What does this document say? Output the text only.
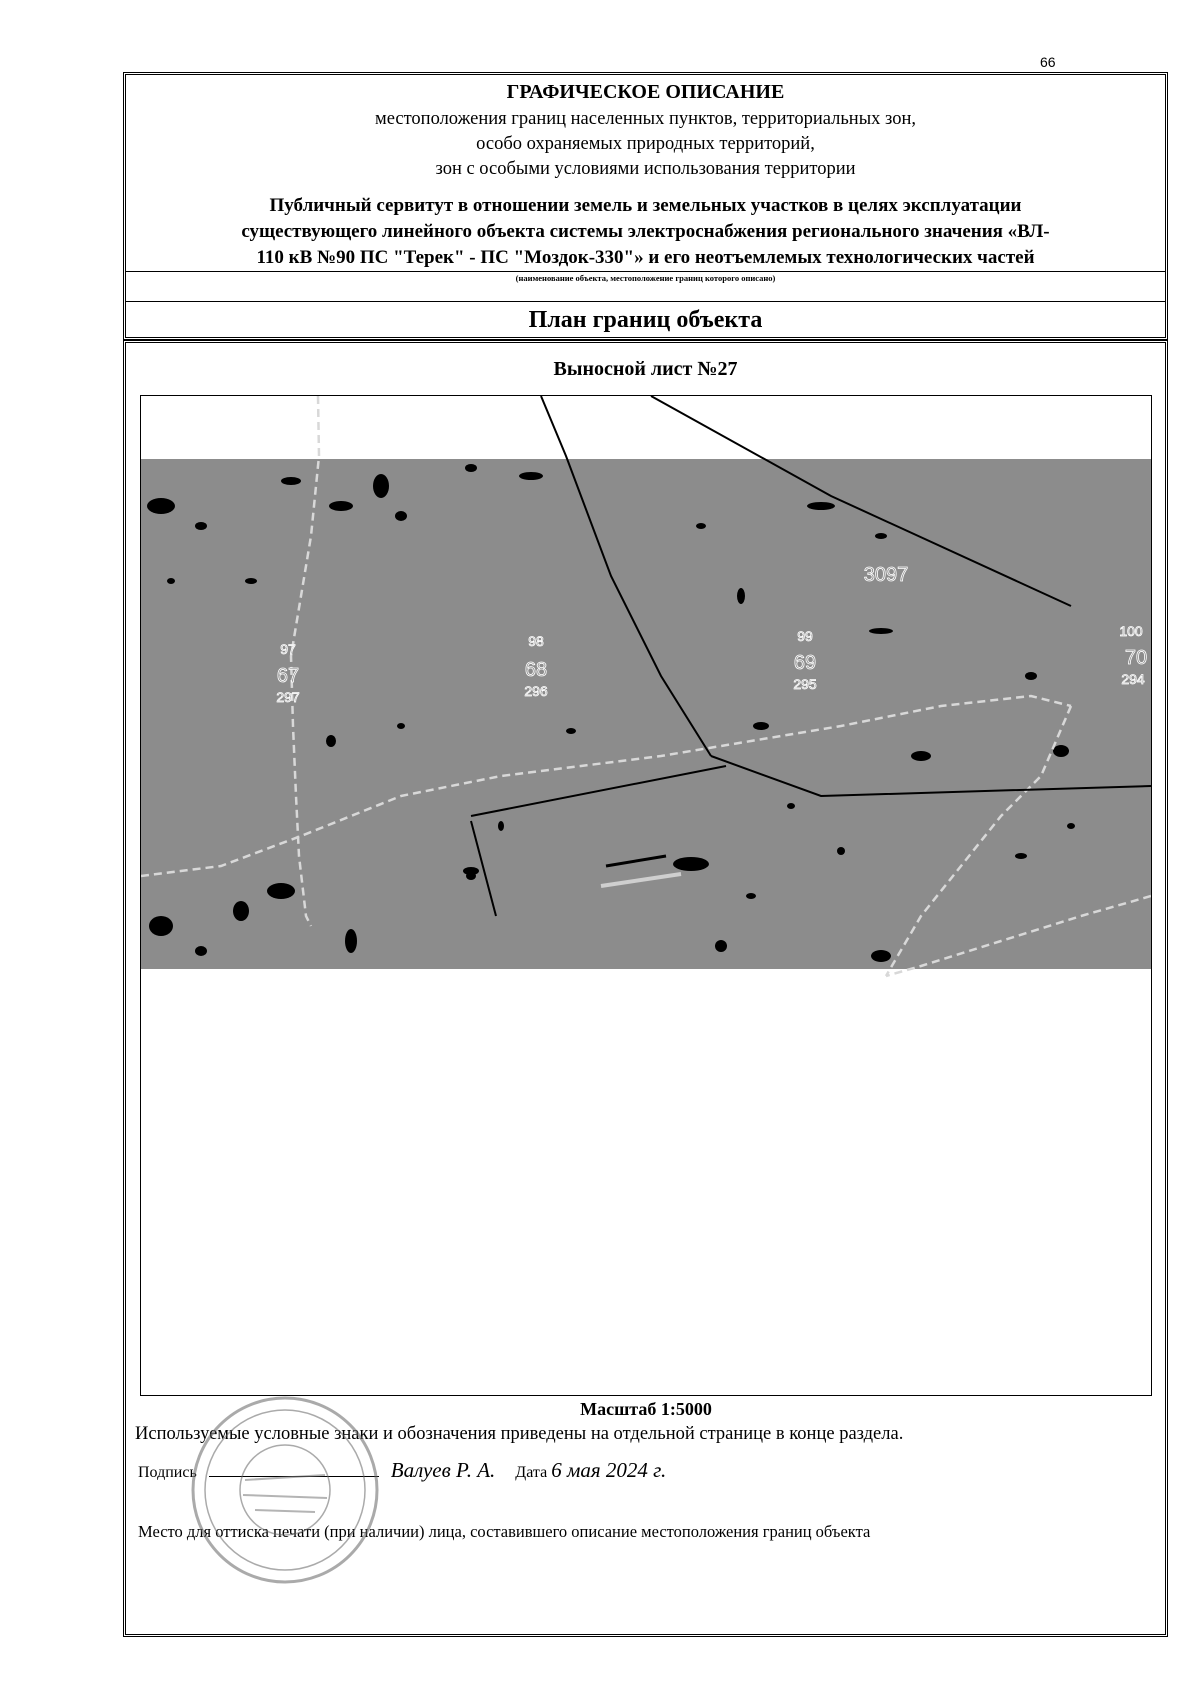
66
ГРАФИЧЕСКОЕ ОПИСАНИЕ
местоположения границ населенных пунктов, территориальных зон,
особо охраняемых природных территорий,
зон с особыми условиями использования территории
Публичный сервитут в отношении земель и земельных участков в целях эксплуатации
существующего линейного объекта системы электроснабжения регионального значения «ВЛ-
110 кВ №90 ПС "Терек" - ПС "Моздок-330"» и его неотъемлемых технологических частей
(наименование объекта, местоположение границ которого описано)
План границ объекта
Выносной лист №27
97
67
297
98
68
296
99
69
295
100
70
294
3097
Масштаб 1:5000
Используемые условные знаки и обозначения приведены на отдельной странице в конце раздела.
Подпись	Валуев Р. А. Дата 6 мая 2024 г.
Место для оттиска печати (при наличии) лица, составившего описание местоположения границ объекта
